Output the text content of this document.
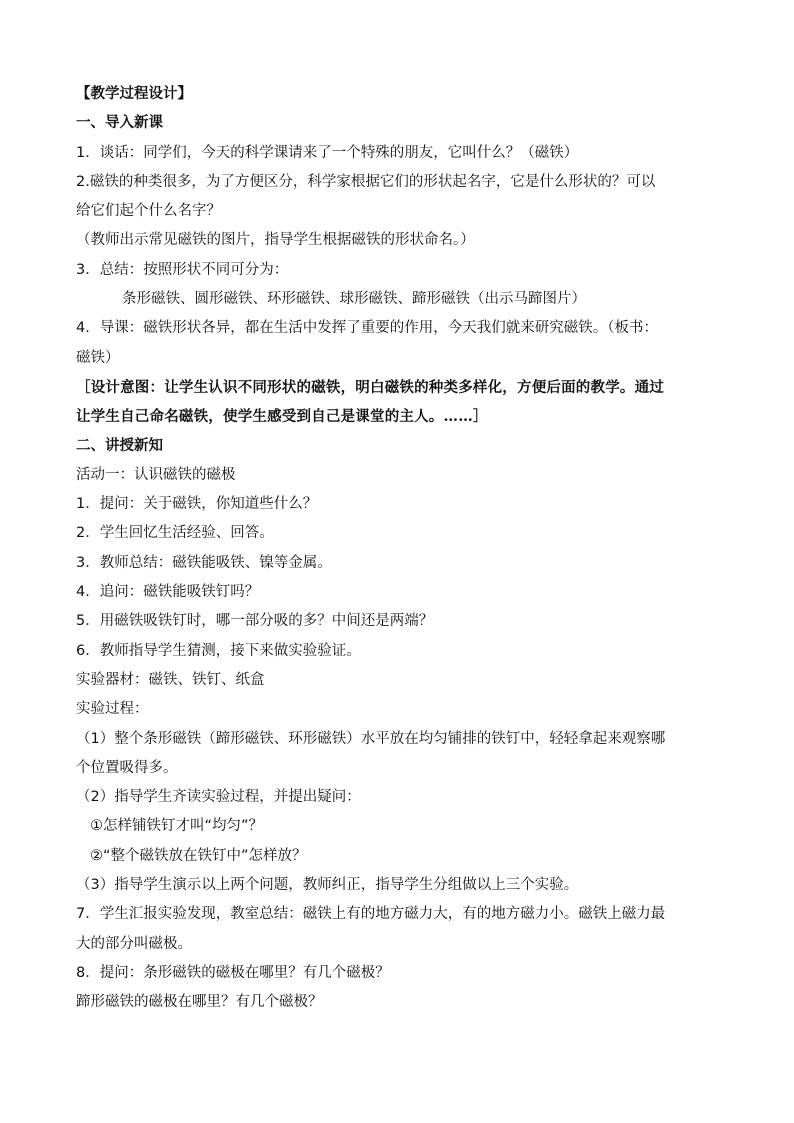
【教学过程设计】
一、导入新课
1．谈话：同学们，今天的科学课请来了一个特殊的朋友，它叫什么？（磁铁）
2.磁铁的种类很多，为了方便区分，科学家根据它们的形状起名字，它是什么形状的？可以
给它们起个什么名字？
（教师出示常见磁铁的图片，指导学生根据磁铁的形状命名。）
3．总结：按照形状不同可分为：
条形磁铁、圆形磁铁、环形磁铁、球形磁铁、蹄形磁铁（出示马蹄图片）
4．导课：磁铁形状各异，都在生活中发挥了重要的作用，今天我们就来研究磁铁。（板书：
磁铁）
［设计意图：让学生认识不同形状的磁铁，明白磁铁的种类多样化，方便后面的教学。通过
让学生自己命名磁铁，使学生感受到自己是课堂的主人。……］
二、讲授新知
活动一：认识磁铁的磁极
1．提问：关于磁铁，你知道些什么？
2．学生回忆生活经验、回答。
3．教师总结：磁铁能吸铁、镍等金属。
4．追问：磁铁能吸铁钉吗？
5．用磁铁吸铁钉时，哪一部分吸的多？中间还是两端？
6．教师指导学生猜测，接下来做实验验证。
实验器材：磁铁、铁钉、纸盒
实验过程：
（1）整个条形磁铁（蹄形磁铁、环形磁铁）水平放在均匀铺排的铁钉中，轻轻拿起来观察哪
个位置吸得多。
（2）指导学生齐读实验过程，并提出疑问：
①怎样铺铁钉才叫“均匀”？
②“整个磁铁放在铁钉中”怎样放？
（3）指导学生演示以上两个问题，教师纠正，指导学生分组做以上三个实验。
7．学生汇报实验发现，教室总结：磁铁上有的地方磁力大，有的地方磁力小。磁铁上磁力最
大的部分叫磁极。
8．提问：条形磁铁的磁极在哪里？有几个磁极？
蹄形磁铁的磁极在哪里？有几个磁极？
